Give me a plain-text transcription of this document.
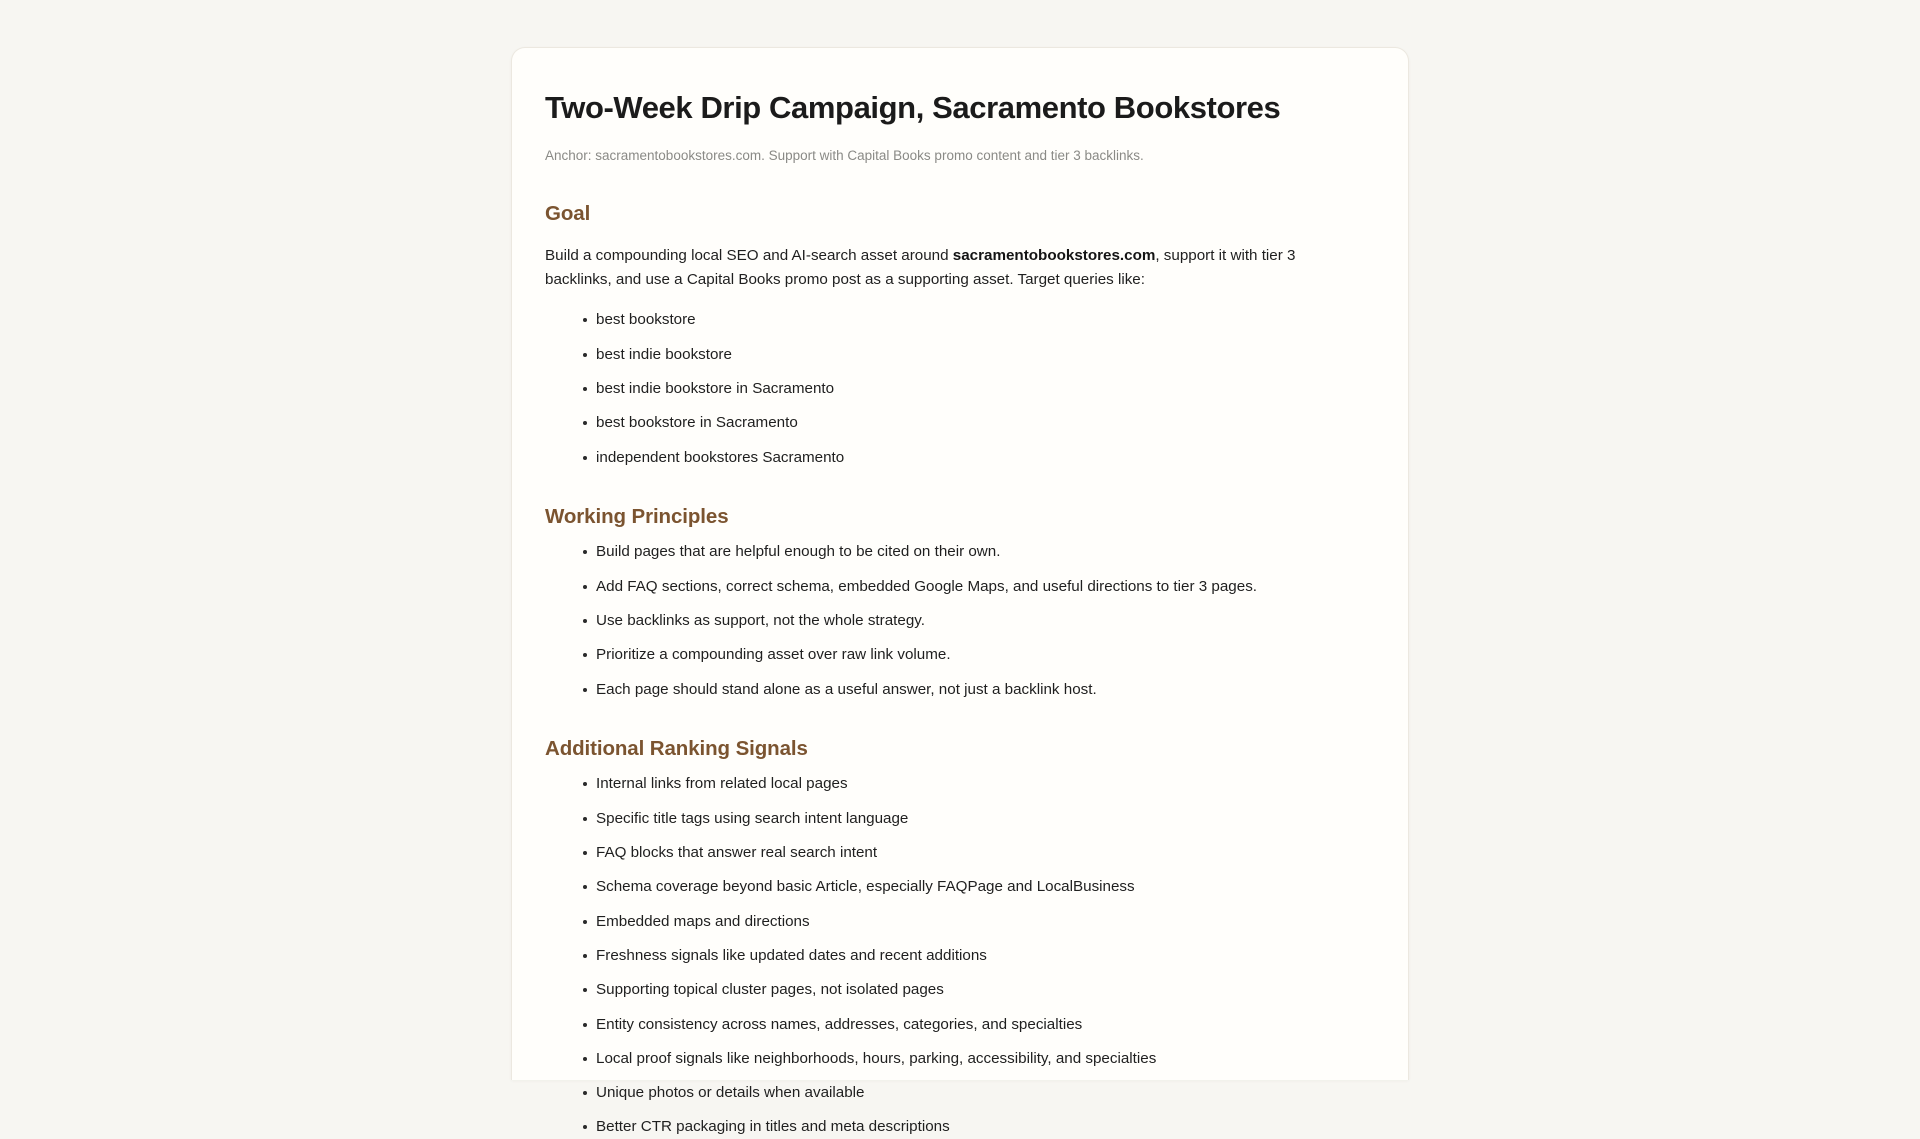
Two-Week Drip Campaign, Sacramento Bookstores
Anchor: sacramentobookstores.com. Support with Capital Books promo content and tier 3 backlinks.
Goal

Build a compounding local SEO and AI-search asset around sacramentobookstores.com, support it with tier 3 backlinks, and use a Capital Books promo post as a supporting asset. Target queries like:

best bookstore
best indie bookstore
best indie bookstore in Sacramento
best bookstore in Sacramento
independent bookstores Sacramento
Working Principles
Build pages that are helpful enough to be cited on their own.
Add FAQ sections, correct schema, embedded Google Maps, and useful directions to tier 3 pages.
Use backlinks as support, not the whole strategy.
Prioritize a compounding asset over raw link volume.
Each page should stand alone as a useful answer, not just a backlink host.
Additional Ranking Signals
Internal links from related local pages
Specific title tags using search intent language
FAQ blocks that answer real search intent
Schema coverage beyond basic Article, especially FAQPage and LocalBusiness
Embedded maps and directions
Freshness signals like updated dates and recent additions
Supporting topical cluster pages, not isolated pages
Entity consistency across names, addresses, categories, and specialties
Local proof signals like neighborhoods, hours, parking, accessibility, and specialties
Unique photos or details when available
Better CTR packaging in titles and meta descriptions
